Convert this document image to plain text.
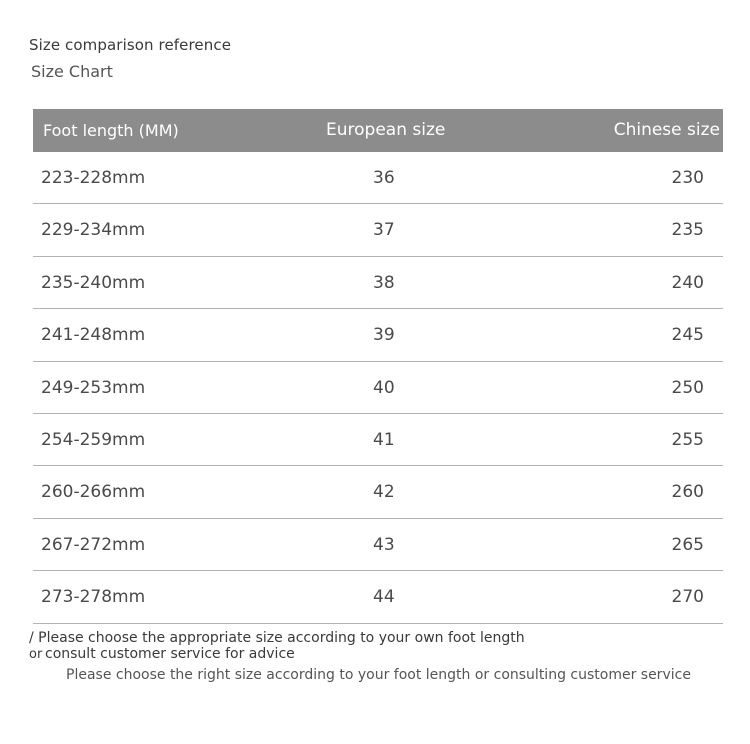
Size comparison reference
Size Chart
Foot length (MM)	European size	Chinese size
223-228mm	36	230
229-234mm	37	235
235-240mm	38	240
241-248mm	39	245
249-253mm	40	250
254-259mm	41	255
260-266mm	42	260
267-272mm	43	265
273-278mm	44	270
/ Please choose the appropriate size according to your own foot length
or consult customer service for advice
Please choose the right size according to your foot length or consulting customer service
